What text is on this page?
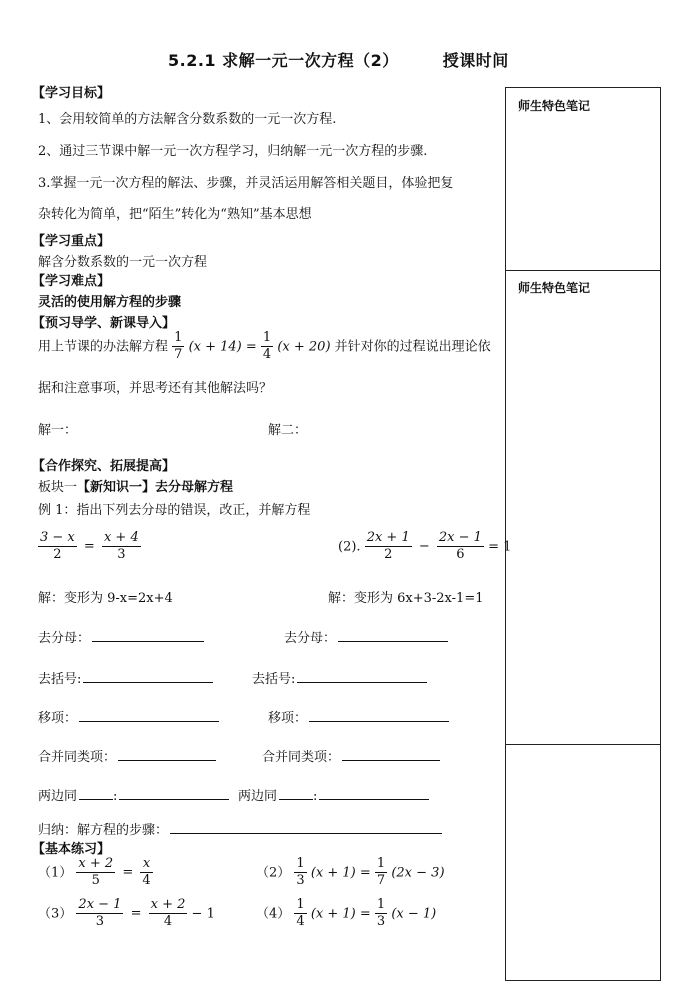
5.2.1 求解一元一次方程（2）	授课时间
师生特色笔记
师生特色笔记
【学习目标】
1、会用较简单的方法解含分数系数的一元一次方程.
2、通过三节课中解一元一次方程学习，归纳解一元一次方程的步骤.
3.掌握一元一次方程的解法、步骤，并灵活运用解答相关题目，体验把复
杂转化为简单，把“陌生”转化为“熟知”基本思想
【学习重点】
解含分数系数的一元一次方程
【学习难点】
灵活的使用解方程的步骤
【预习导学、新课导入】
用上节课的办法解方程 $\frac{1}{7} (x + 14) = \frac{1}{4} (x + 20)$ 并针对你的过程说出理论依
据和注意事项，并思考还有其他解法吗？
解一：	解二：
【合作探究、拓展提高】
板块一【新知识一】去分母解方程
例 1：指出下列去分母的错误，改正，并解方程
$\frac{3 - x}{2} = \frac{x + 4}{3}$	(2). $\frac{2x + 1}{2} - \frac{2x - 1}{6} = 1$
解：变形为 9-x=2x+4	解：变形为 6x+3-2x-1=1
去分母：	去分母：
去括号:	去括号:
移项：	移项：
合并同类项：	合并同类项：
两边同	:	两边同	:
归纳：解方程的步骤：
【基本练习】
$(1) \frac{x + 2}{5} = \frac{x}{4}$	$(2) \frac{1}{3} (x + 1) = \frac{1}{7} (2x - 3)$
$(3) \frac{2x - 1}{3} = \frac{x + 2}{4} - 1$	$(4) \frac{1}{4} (x + 1) = \frac{1}{3} (x - 1)$
